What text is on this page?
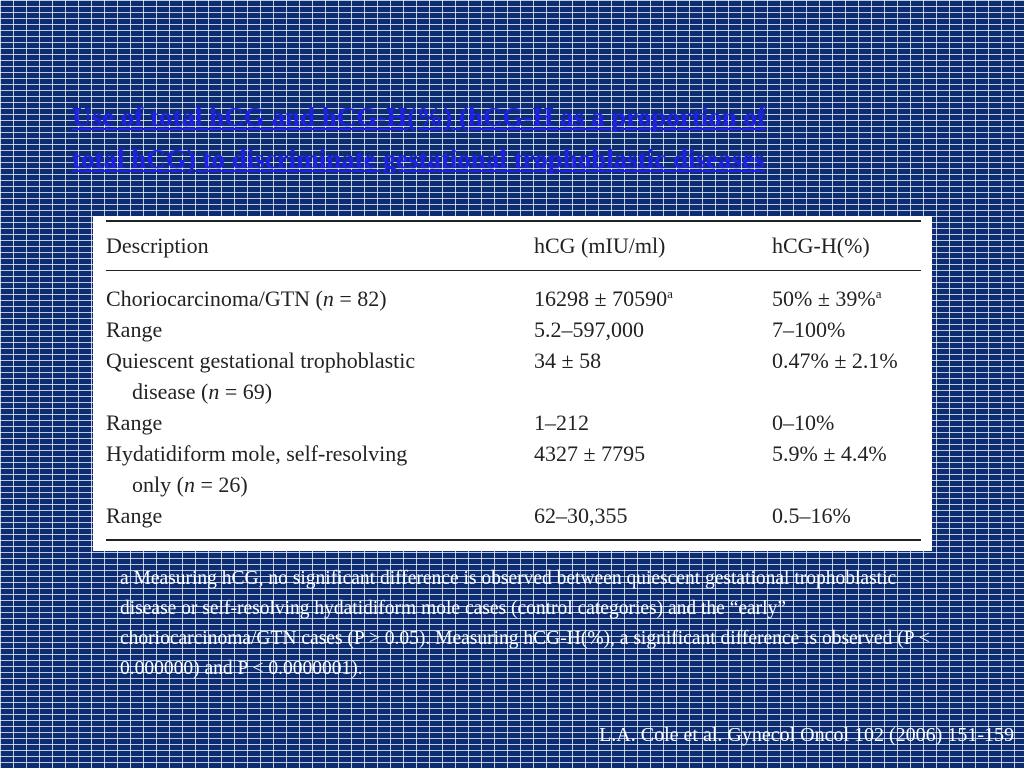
Use of total hCG and hCG-H(%) (hCG-H as a proportion of
total hCG) to discriminate gestational trophoblastic diseases
Description	hCG (mIU/ml)	hCG-H(%)
Choriocarcinoma/GTN (n = 82)	$16298 \pm 70590^a$	50% ± 39%$^a$
Range	5.2–597,000	7–100%
Quiescent gestational trophoblastic
disease (n = 69)	34 ± 58	0.47% ± 2.1%
Range	1–212	0–10%
Hydatidiform mole, self-resolving
only (n = 26)	4327 ± 7795	5.9% ± 4.4%
Range	62–30,355	0.5–16%

a Measuring hCG, no significant difference is observed between quiescent gestational trophoblastic disease or self-resolving hydatidiform mole cases (control categories) and the “early” choriocarcinoma/GTN cases (P > 0.05). Measuring hCG-H(%), a significant difference is observed (P < 0.000000) and P < 0.0000001).

L.A. Cole et al. Gynecol Oncol 102 (2006) 151-159
